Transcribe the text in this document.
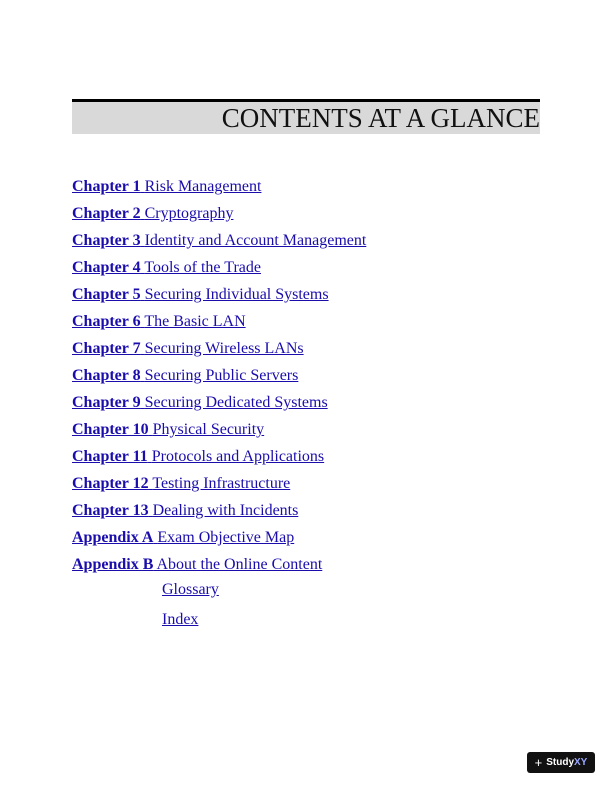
CONTENTS AT A GLANCE
Chapter 1 Risk Management
Chapter 2 Cryptography
Chapter 3 Identity and Account Management
Chapter 4 Tools of the Trade
Chapter 5 Securing Individual Systems
Chapter 6 The Basic LAN
Chapter 7 Securing Wireless LANs
Chapter 8 Securing Public Servers
Chapter 9 Securing Dedicated Systems
Chapter 10 Physical Security
Chapter 11 Protocols and Applications
Chapter 12 Testing Infrastructure
Chapter 13 Dealing with Incidents
Appendix A Exam Objective Map
Appendix B About the Online Content
Glossary
Index
+ StudyXY
